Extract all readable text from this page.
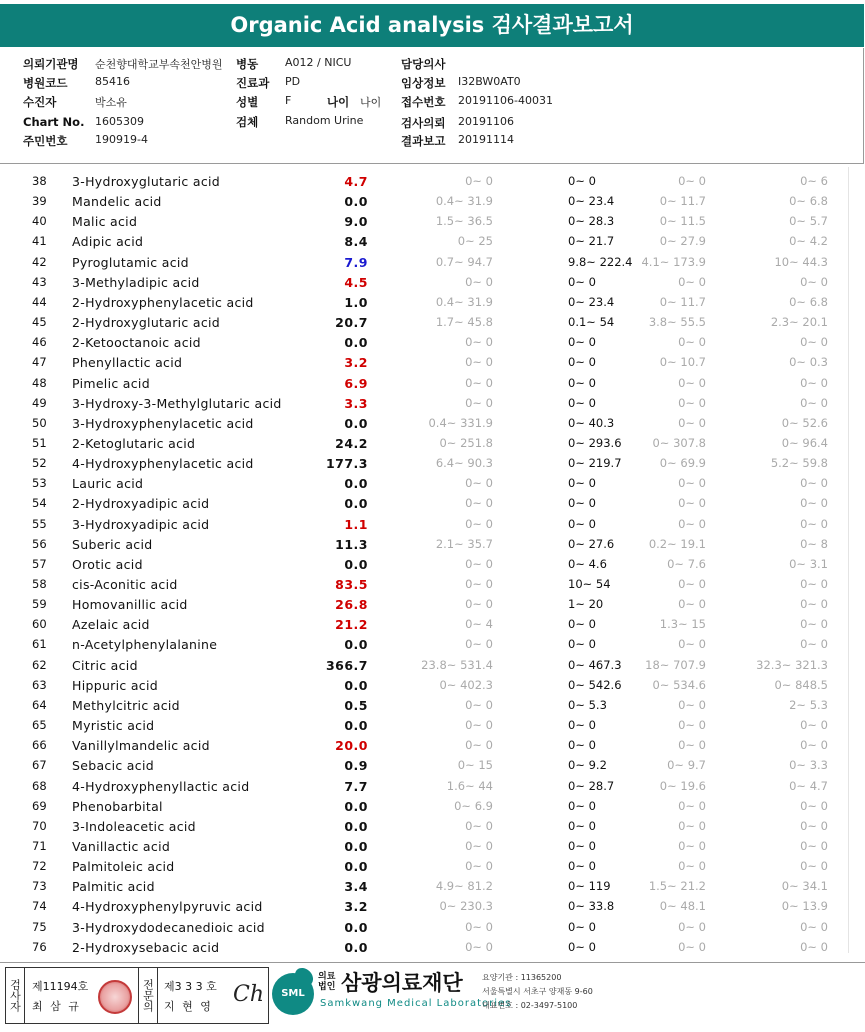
Organic Acid analysis 검사결과보고서
의뢰기관명 순천향대학교부속천안병원 병동 A012 / NICU	담당의사
병원코드	85416	진료과 PD	임상정보 I32BW0AT0
수진자	박소유	성별 F	나이 나이 접수번호 20191106-40031
Chart No. 1605309	검체 Random Urine	검사의뢰 20191106
주민번호	190919-4	결과보고 20191114
38 3-Hydroxyglutaric acid	4.7	0~ 0	0~ 0	0~ 0	0~ 6
39 Mandelic acid	0.0	0.4~ 31.9	0~ 23.4	0~ 11.7	0~ 6.8
40 Malic acid	9.0	1.5~ 36.5	0~ 28.3	0~ 11.5	0~ 5.7
41 Adipic acid	8.4	0~ 25	0~ 21.7	0~ 27.9	0~ 4.2
42 Pyroglutamic acid	7.9	0.7~ 94.7	9.8~ 222.4 4.1~ 173.9	10~ 44.3
43 3-Methyladipic acid	4.5	0~ 0	0~ 0	0~ 0	0~ 0
44 2-Hydroxyphenylacetic acid	1.0	0.4~ 31.9	0~ 23.4	0~ 11.7	0~ 6.8
45 2-Hydroxyglutaric acid	20.7	1.7~ 45.8	0.1~ 54	3.8~ 55.5	2.3~ 20.1
46 2-Ketooctanoic acid	0.0	0~ 0	0~ 0	0~ 0	0~ 0
47 Phenyllactic acid	3.2	0~ 0	0~ 0	0~ 10.7	0~ 0.3
48 Pimelic acid	6.9	0~ 0	0~ 0	0~ 0	0~ 0
49 3-Hydroxy-3-Methylglutaric acid	3.3	0~ 0	0~ 0	0~ 0	0~ 0
50 3-Hydroxyphenylacetic acid	0.0	0.4~ 331.9	0~ 40.3	0~ 0	0~ 52.6
51 2-Ketoglutaric acid	24.2	0~ 251.8	0~ 293.6	0~ 307.8	0~ 96.4
52 4-Hydroxyphenylacetic acid	177.3	6.4~ 90.3	0~ 219.7	0~ 69.9	5.2~ 59.8
53 Lauric acid	0.0	0~ 0	0~ 0	0~ 0	0~ 0
54 2-Hydroxyadipic acid	0.0	0~ 0	0~ 0	0~ 0	0~ 0
55 3-Hydroxyadipic acid	1.1	0~ 0	0~ 0	0~ 0	0~ 0
56 Suberic acid	11.3	2.1~ 35.7	0~ 27.6	0.2~ 19.1	0~ 8
57 Orotic acid	0.0	0~ 0	0~ 4.6	0~ 7.6	0~ 3.1
58 cis-Aconitic acid	83.5	0~ 0	10~ 54	0~ 0	0~ 0
59 Homovanillic acid	26.8	0~ 0	1~ 20	0~ 0	0~ 0
60 Azelaic acid	21.2	0~ 4	0~ 0	1.3~ 15	0~ 0
61 n-Acetylphenylalanine	0.0	0~ 0	0~ 0	0~ 0	0~ 0
62 Citric acid	366.7	23.8~ 531.4	0~ 467.3 18~ 707.9	32.3~ 321.3
63 Hippuric acid	0.0	0~ 402.3	0~ 542.6	0~ 534.6	0~ 848.5
64 Methylcitric acid	0.5	0~ 0	0~ 5.3	0~ 0	2~ 5.3
65 Myristic acid	0.0	0~ 0	0~ 0	0~ 0	0~ 0
66 Vanillylmandelic acid	20.0	0~ 0	0~ 0	0~ 0	0~ 0
67 Sebacic acid	0.9	0~ 15	0~ 9.2	0~ 9.7	0~ 3.3
68 4-Hydroxyphenyllactic acid	7.7	1.6~ 44	0~ 28.7	0~ 19.6	0~ 4.7
69 Phenobarbital	0.0	0~ 6.9	0~ 0	0~ 0	0~ 0
70 3-Indoleacetic acid	0.0	0~ 0	0~ 0	0~ 0	0~ 0
71 Vanillactic acid	0.0	0~ 0	0~ 0	0~ 0	0~ 0
72 Palmitoleic acid	0.0	0~ 0	0~ 0	0~ 0	0~ 0
73 Palmitic acid	3.4	4.9~ 81.2	0~ 119	1.5~ 21.2	0~ 34.1
74 4-Hydroxyphenylpyruvic acid	3.2	0~ 230.3	0~ 33.8	0~ 48.1	0~ 13.9
75 3-Hydroxydodecanedioic acid	0.0	0~ 0	0~ 0	0~ 0	0~ 0
76 2-Hydroxysebacic acid	0.0	0~ 0	0~ 0	0~ 0	0~ 0
검사자 제11194호
최 삼 규	전문의 제3 3 3 호
지 현 영 Ch	SML
의료법인 삼광의료재단
Samkwang Medical Laboratories
요양기관 : 11365200
서울특별시 서초구 양재동 9-60
대표번호 : 02-3497-5100
